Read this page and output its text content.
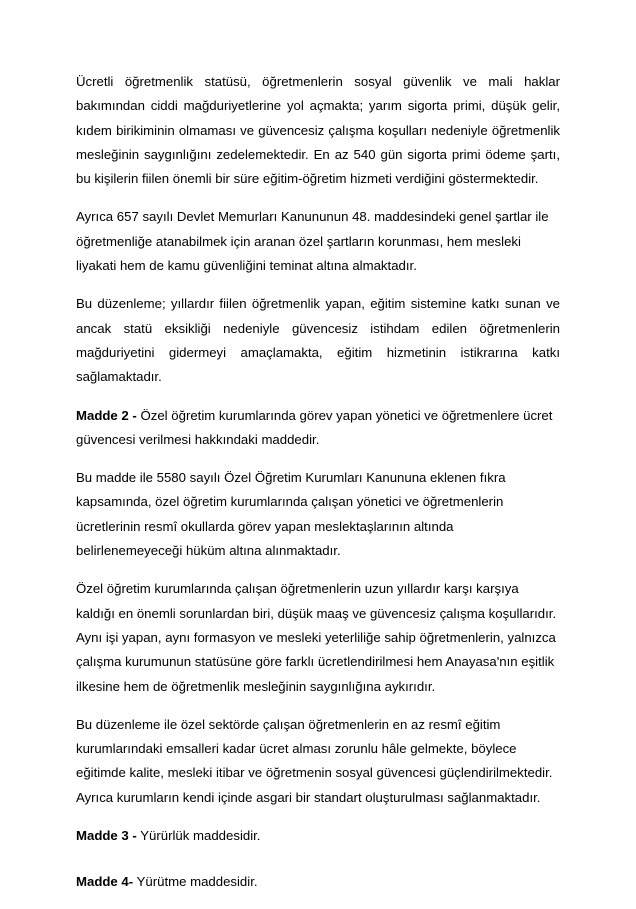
Ücretli öğretmenlik statüsü, öğretmenlerin sosyal güvenlik ve mali haklar bakımından ciddi mağduriyetlerine yol açmakta; yarım sigorta primi, düşük gelir, kıdem birikiminin olmaması ve güvencesiz çalışma koşulları nedeniyle öğretmenlik mesleğinin saygınlığını zedelemektedir. En az 540 gün sigorta primi ödeme şartı, bu kişilerin fiilen önemli bir süre eğitim-öğretim hizmeti verdiğini göstermektedir.

Ayrıca 657 sayılı Devlet Memurları Kanununun 48. maddesindeki genel şartlar ile öğretmenliğe atanabilmek için aranan özel şartların korunması, hem mesleki liyakati hem de kamu güvenliğini teminat altına almaktadır.

Bu düzenleme; yıllardır fiilen öğretmenlik yapan, eğitim sistemine katkı sunan ve ancak statü eksikliği nedeniyle güvencesiz istihdam edilen öğretmenlerin mağduriyetini gidermeyi amaçlamakta, eğitim hizmetinin istikrarına katkı sağlamaktadır.

Madde 2 - Özel öğretim kurumlarında görev yapan yönetici ve öğretmenlere ücret güvencesi verilmesi hakkındaki maddedir.

Bu madde ile 5580 sayılı Özel Öğretim Kurumları Kanununa eklenen fıkra kapsamında, özel öğretim kurumlarında çalışan yönetici ve öğretmenlerin ücretlerinin resmî okullarda görev yapan meslektaşlarının altında belirlenemeyeceği hüküm altına alınmaktadır.

Özel öğretim kurumlarında çalışan öğretmenlerin uzun yıllardır karşı karşıya kaldığı en önemli sorunlardan biri, düşük maaş ve güvencesiz çalışma koşullarıdır. Aynı işi yapan, aynı formasyon ve mesleki yeterliliğe sahip öğretmenlerin, yalnızca çalışma kurumunun statüsüne göre farklı ücretlendirilmesi hem Anayasa'nın eşitlik ilkesine hem de öğretmenlik mesleğinin saygınlığına aykırıdır.

Bu düzenleme ile özel sektörde çalışan öğretmenlerin en az resmî eğitim kurumlarındaki emsalleri kadar ücret alması zorunlu hâle gelmekte, böylece eğitimde kalite, mesleki itibar ve öğretmenin sosyal güvencesi güçlendirilmektedir. Ayrıca kurumların kendi içinde asgari bir standart oluşturulması sağlanmaktadır.

Madde 3 - Yürürlük maddesidir.

Madde 4- Yürütme maddesidir.
